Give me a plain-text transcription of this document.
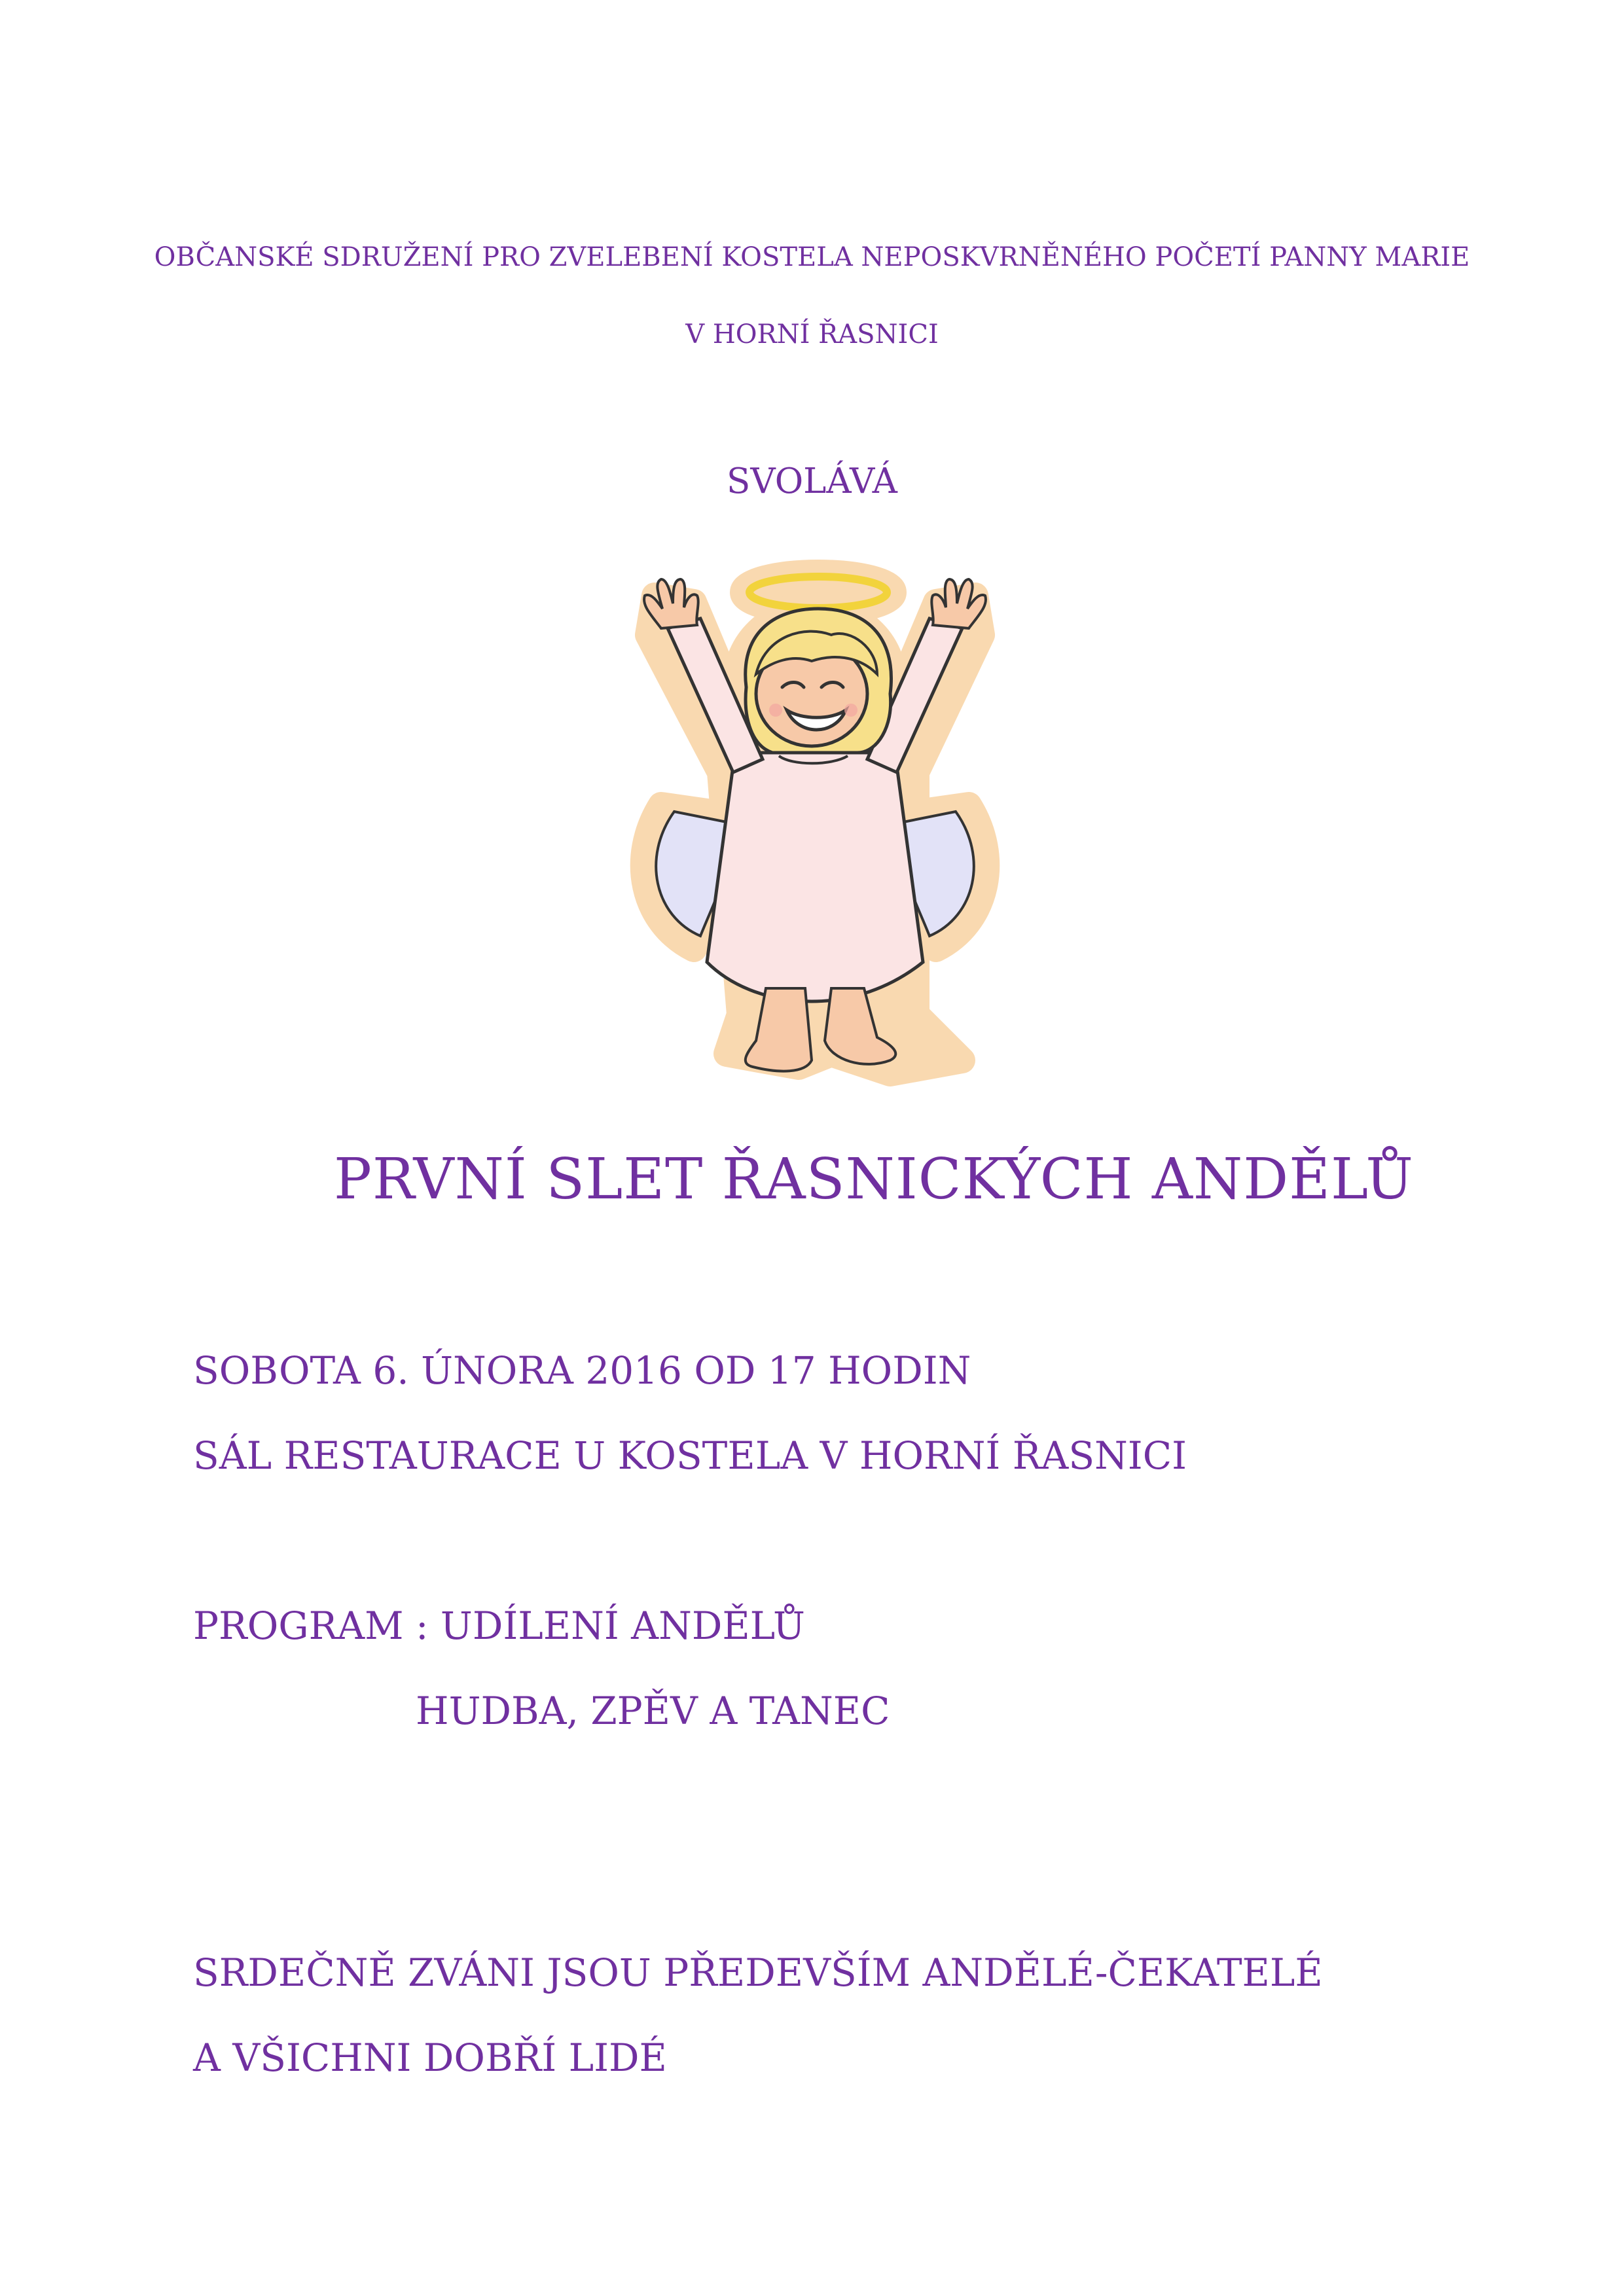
OBČANSKÉ SDRUŽENÍ PRO ZVELEBENÍ KOSTELA NEPOSKVRNĚNÉHO POČETÍ PANNY MARIE

V HORNÍ ŘASNICI

SVOLÁVÁ

PRVNÍ SLET ŘASNICKÝCH ANDĚLŮ

SOBOTA 6. ÚNORA 2016 OD 17 HODIN

SÁL RESTAURACE U KOSTELA V HORNÍ ŘASNICI

PROGRAM : UDÍLENÍ ANDĚLŮ

HUDBA, ZPĚV A TANEC

SRDEČNĚ ZVÁNI JSOU PŘEDEVŠÍM ANDĚLÉ-ČEKATELÉ

A VŠICHNI DOBŘÍ LIDÉ
